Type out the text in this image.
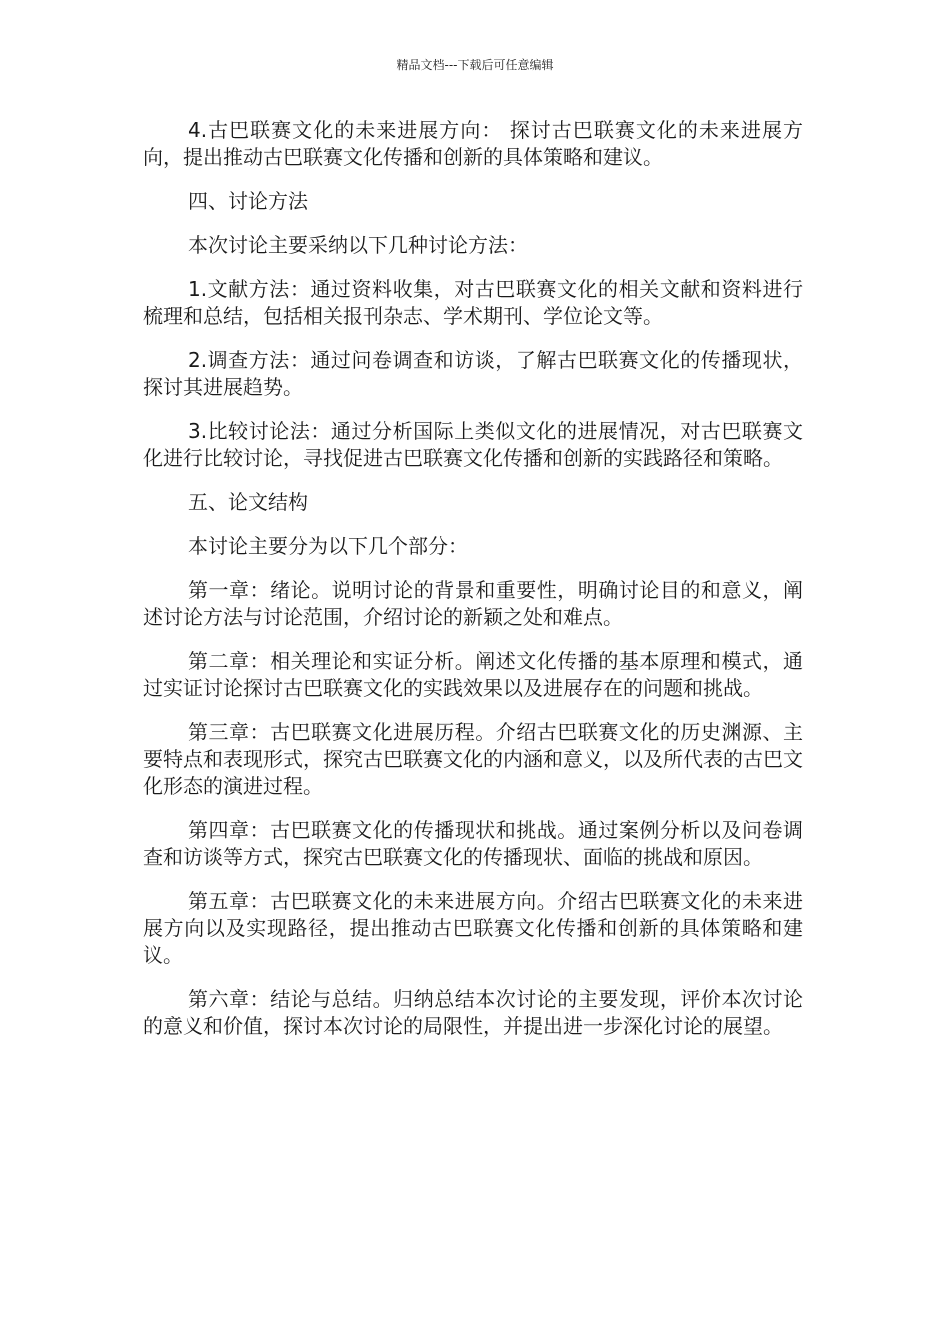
精品文档---下载后可任意编辑

4.古巴联赛文化的未来进展方向： 探讨古巴联赛文化的未来进展方向，提出推动古巴联赛文化传播和创新的具体策略和建议。

四、讨论方法

本次讨论主要采纳以下几种讨论方法：

1.文献方法：通过资料收集，对古巴联赛文化的相关文献和资料进行梳理和总结，包括相关报刊杂志、学术期刊、学位论文等。

2.调查方法：通过问卷调查和访谈，了解古巴联赛文化的传播现状，探讨其进展趋势。

3.比较讨论法：通过分析国际上类似文化的进展情况，对古巴联赛文化进行比较讨论，寻找促进古巴联赛文化传播和创新的实践路径和策略。

五、论文结构

本讨论主要分为以下几个部分：

第一章：绪论。说明讨论的背景和重要性，明确讨论目的和意义，阐述讨论方法与讨论范围，介绍讨论的新颖之处和难点。

第二章：相关理论和实证分析。阐述文化传播的基本原理和模式，通过实证讨论探讨古巴联赛文化的实践效果以及进展存在的问题和挑战。

第三章：古巴联赛文化进展历程。介绍古巴联赛文化的历史渊源、主要特点和表现形式，探究古巴联赛文化的内涵和意义，以及所代表的古巴文化形态的演进过程。

第四章：古巴联赛文化的传播现状和挑战。通过案例分析以及问卷调查和访谈等方式，探究古巴联赛文化的传播现状、面临的挑战和原因。

第五章：古巴联赛文化的未来进展方向。介绍古巴联赛文化的未来进展方向以及实现路径，提出推动古巴联赛文化传播和创新的具体策略和建议。

第六章：结论与总结。归纳总结本次讨论的主要发现，评价本次讨论的意义和价值，探讨本次讨论的局限性，并提出进一步深化讨论的展望。
